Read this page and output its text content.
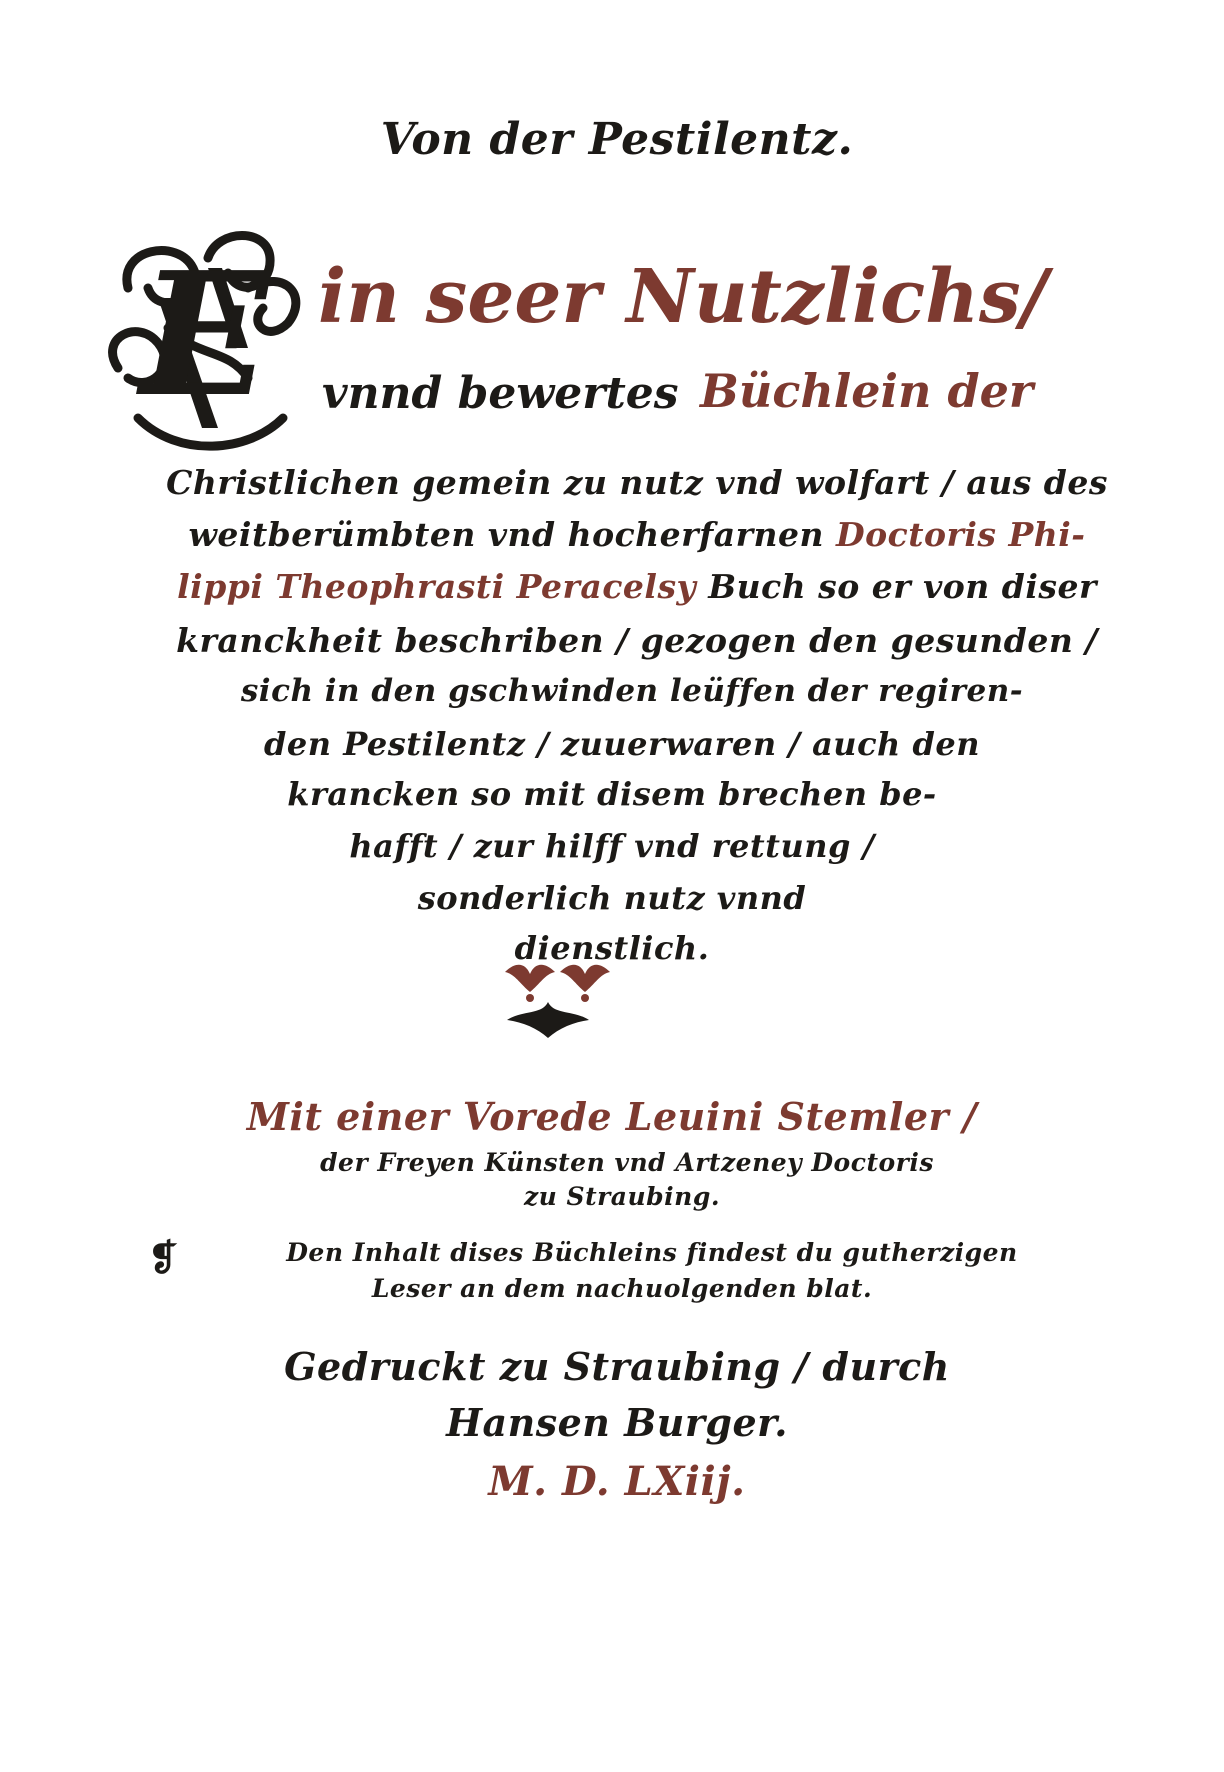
Von der Pestilentz.
E in seer Nutzlichs/
vnnd bewertes Büchlein der
Christlichen gemein zu nutz vnd wolfart / aus des
weitberümbten vnd hocherfarnen Doctoris Phi-
lippi Theophrasti Peracelsy Buch so er von diser
kranckheit beschriben / gezogen den gesunden /
sich in den gschwinden leüffen der regiren-
den Pestilentz / zuuerwaren / auch den
krancken so mit disem brechen be-
hafft / zur hilff vnd rettung /
sonderlich nutz vnnd
dienstlich.
Mit einer Vorede Leuini Stemler /
der Freyen Künsten vnd Artzeney Doctoris
zu Straubing.
❡	Den Inhalt dises Büchleins findest du gutherzigen
Leser an dem nachuolgenden blat.
Gedruckt zu Straubing / durch
Hansen Burger.
M. D. LXiij.
